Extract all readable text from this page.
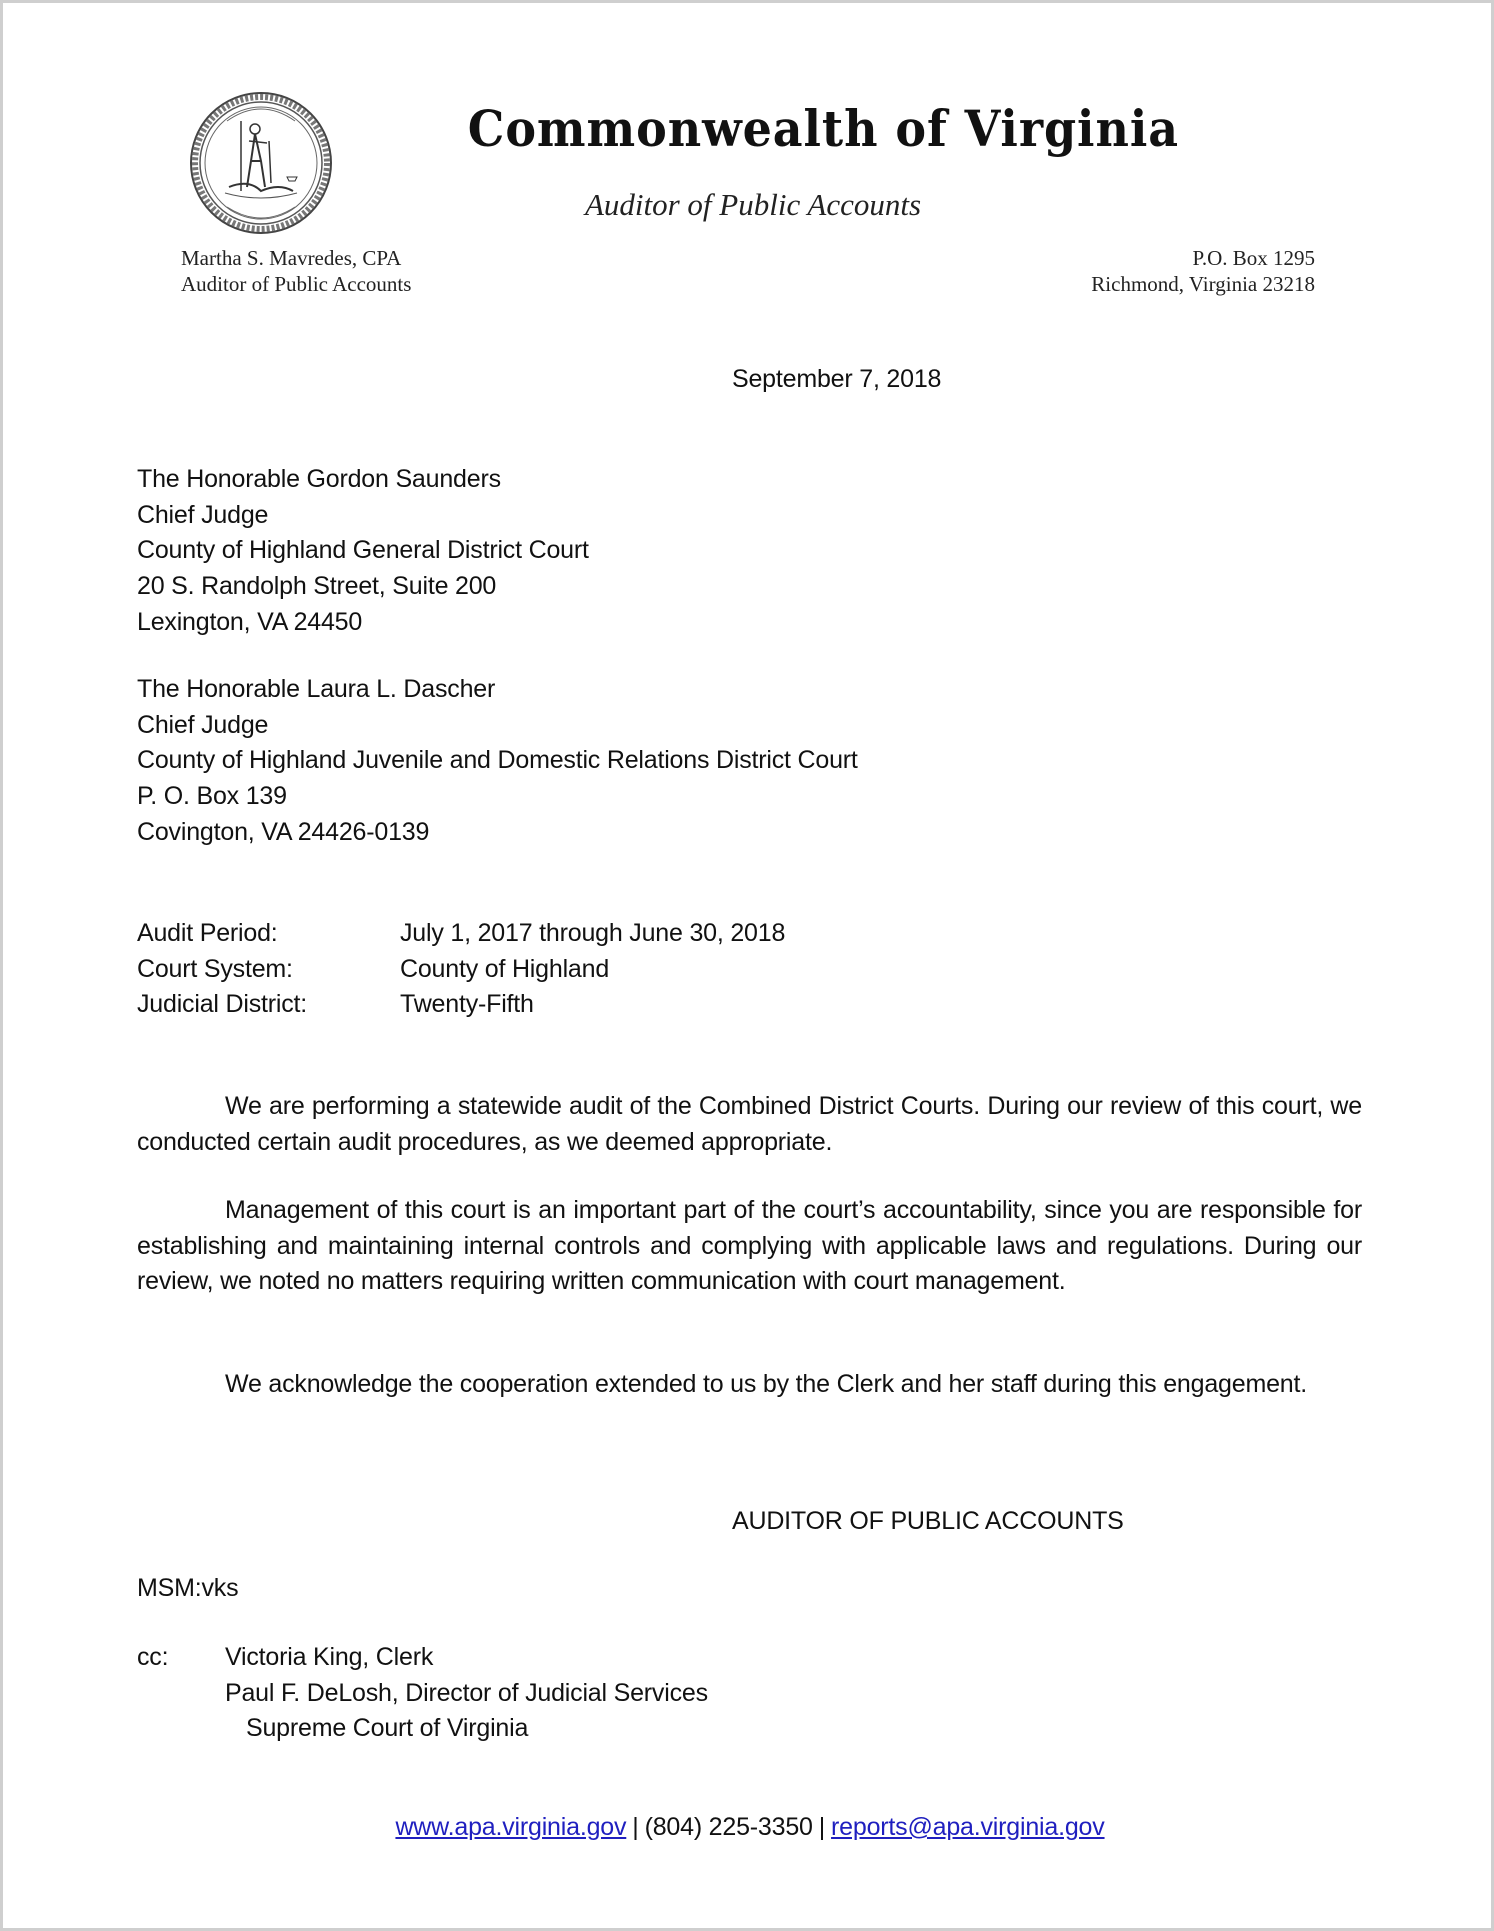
Commonwealth of Virginia
Auditor of Public Accounts
Martha S. Mavredes, CPA
Auditor of Public Accounts
P.O. Box 1295
Richmond, Virginia 23218
September 7, 2018
The Honorable Gordon Saunders
Chief Judge
County of Highland General District Court
20 S. Randolph Street, Suite 200
Lexington, VA 24450
The Honorable Laura L. Dascher
Chief Judge
County of Highland Juvenile and Domestic Relations District Court
P. O. Box 139
Covington, VA 24426-0139
Audit Period:	July 1, 2017 through June 30, 2018
Court System:	County of Highland
Judicial District:	Twenty-Fifth
We are performing a statewide audit of the Combined District Courts. During our review of this court, we conducted certain audit procedures, as we deemed appropriate.
Management of this court is an important part of the court’s accountability, since you are responsible for establishing and maintaining internal controls and complying with applicable laws and regulations. During our review, we noted no matters requiring written communication with court management.
We acknowledge the cooperation extended to us by the Clerk and her staff during this engagement.
AUDITOR OF PUBLIC ACCOUNTS
MSM:vks
cc:	Victoria King, Clerk
Paul F. DeLosh, Director of Judicial Services
Supreme Court of Virginia
www.apa.virginia.gov | (804) 225-3350 | reports@apa.virginia.gov
